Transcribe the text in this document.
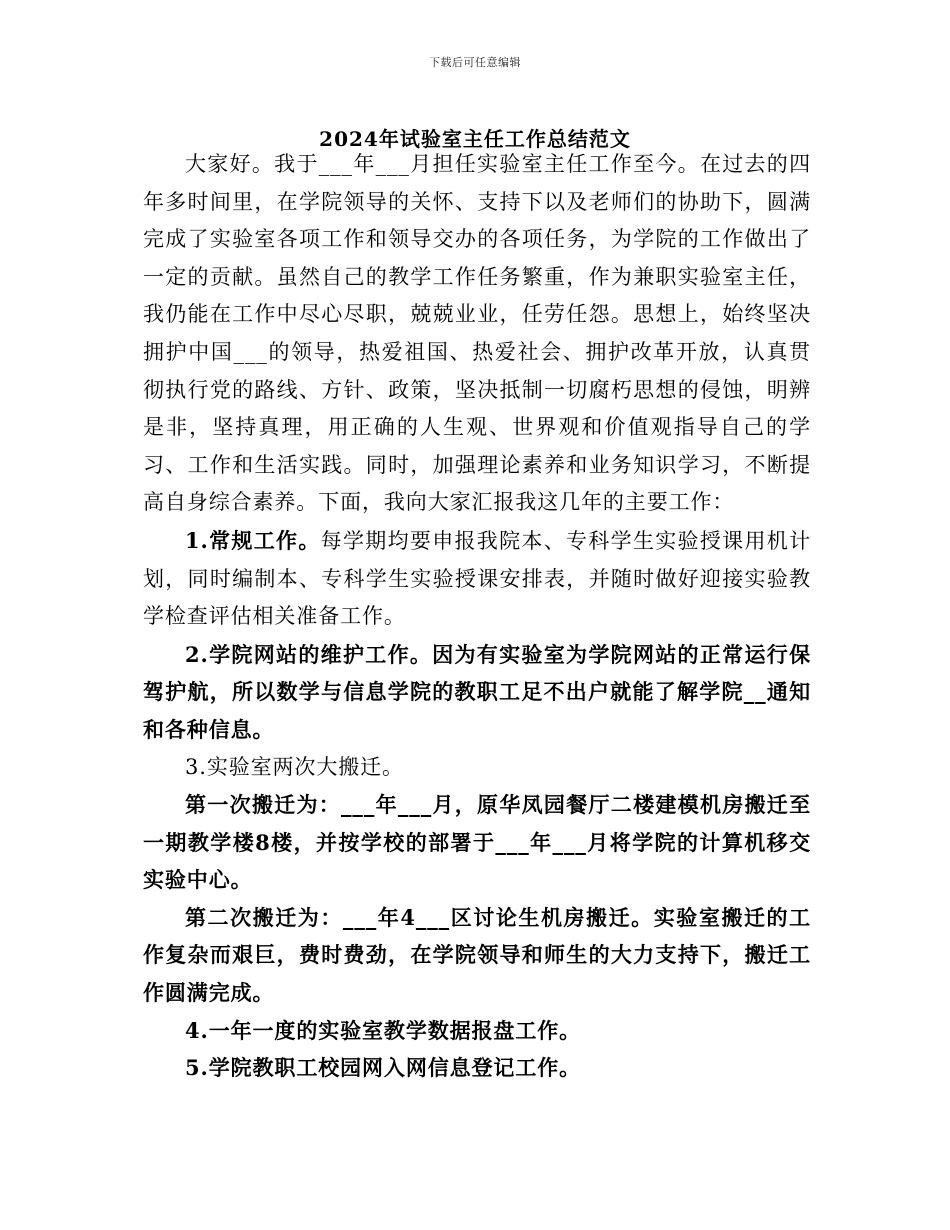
下载后可任意编辑
2024年试验室主任工作总结范文

大家好。我于___年___月担任实验室主任工作至今。在过去的四年多时间里，在学院领导的关怀、支持下以及老师们的协助下，圆满完成了实验室各项工作和领导交办的各项任务，为学院的工作做出了一定的贡献。虽然自己的教学工作任务繁重，作为兼职实验室主任，我仍能在工作中尽心尽职，兢兢业业，任劳任怨。思想上，始终坚决拥护中国___的领导，热爱祖国、热爱社会、拥护改革开放，认真贯彻执行党的路线、方针、政策，坚决抵制一切腐朽思想的侵蚀，明辨是非，坚持真理，用正确的人生观、世界观和价值观指导自己的学习、工作和生活实践。同时，加强理论素养和业务知识学习，不断提高自身综合素养。下面，我向大家汇报我这几年的主要工作：

1.常规工作。每学期均要申报我院本、专科学生实验授课用机计划，同时编制本、专科学生实验授课安排表，并随时做好迎接实验教学检查评估相关准备工作。

2.学院网站的维护工作。因为有实验室为学院网站的正常运行保驾护航，所以数学与信息学院的教职工足不出户就能了解学院__通知和各种信息。

3.实验室两次大搬迁。

第一次搬迁为：___年___月，原华凤园餐厅二楼建模机房搬迁至一期教学楼8楼，并按学校的部署于___年___月将学院的计算机移交实验中心。

第二次搬迁为：___年4___区讨论生机房搬迁。实验室搬迁的工作复杂而艰巨，费时费劲，在学院领导和师生的大力支持下，搬迁工作圆满完成。

4.一年一度的实验室教学数据报盘工作。

5.学院教职工校园网入网信息登记工作。
